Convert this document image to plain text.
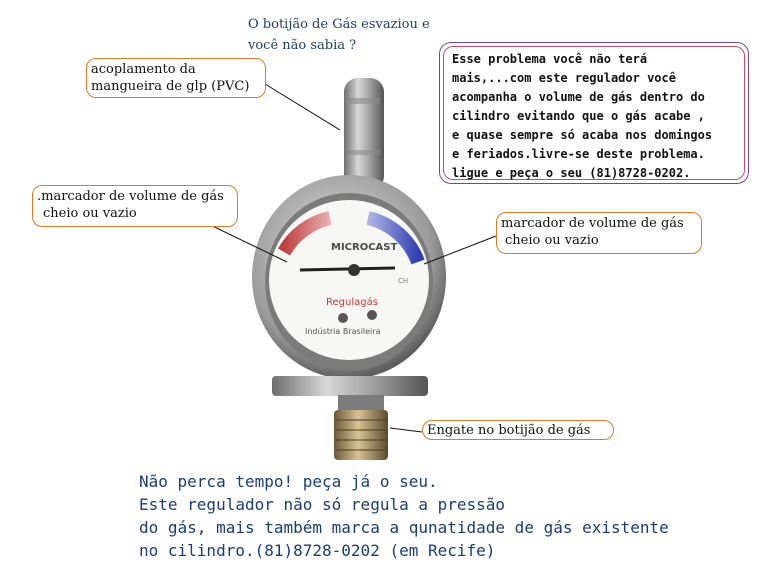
O botijão de Gás esvaziou e
você não sabia ?
MICROCAST
CH
Regulagás
Indústria Brasileira
acoplamento da
mangueira de glp (PVC)
.marcador de volume de gás
cheio ou vazio
marcador de volume de gás
cheio ou vazio
Engate no botijão de gás
Esse problema você não terá
mais,...com este regulador você
acompanha o volume de gás dentro do
cilindro evitando que o gás acabe ,
e quase sempre só acaba nos domingos
e feriados.livre-se deste problema.
ligue e peça o seu (81)8728-0202.
Não perca tempo! peça já o seu.
Este regulador não só regula a pressão
do gás, mais também marca a qunatidade de gás existente
no cilindro.(81)8728-0202 (em Recife)
